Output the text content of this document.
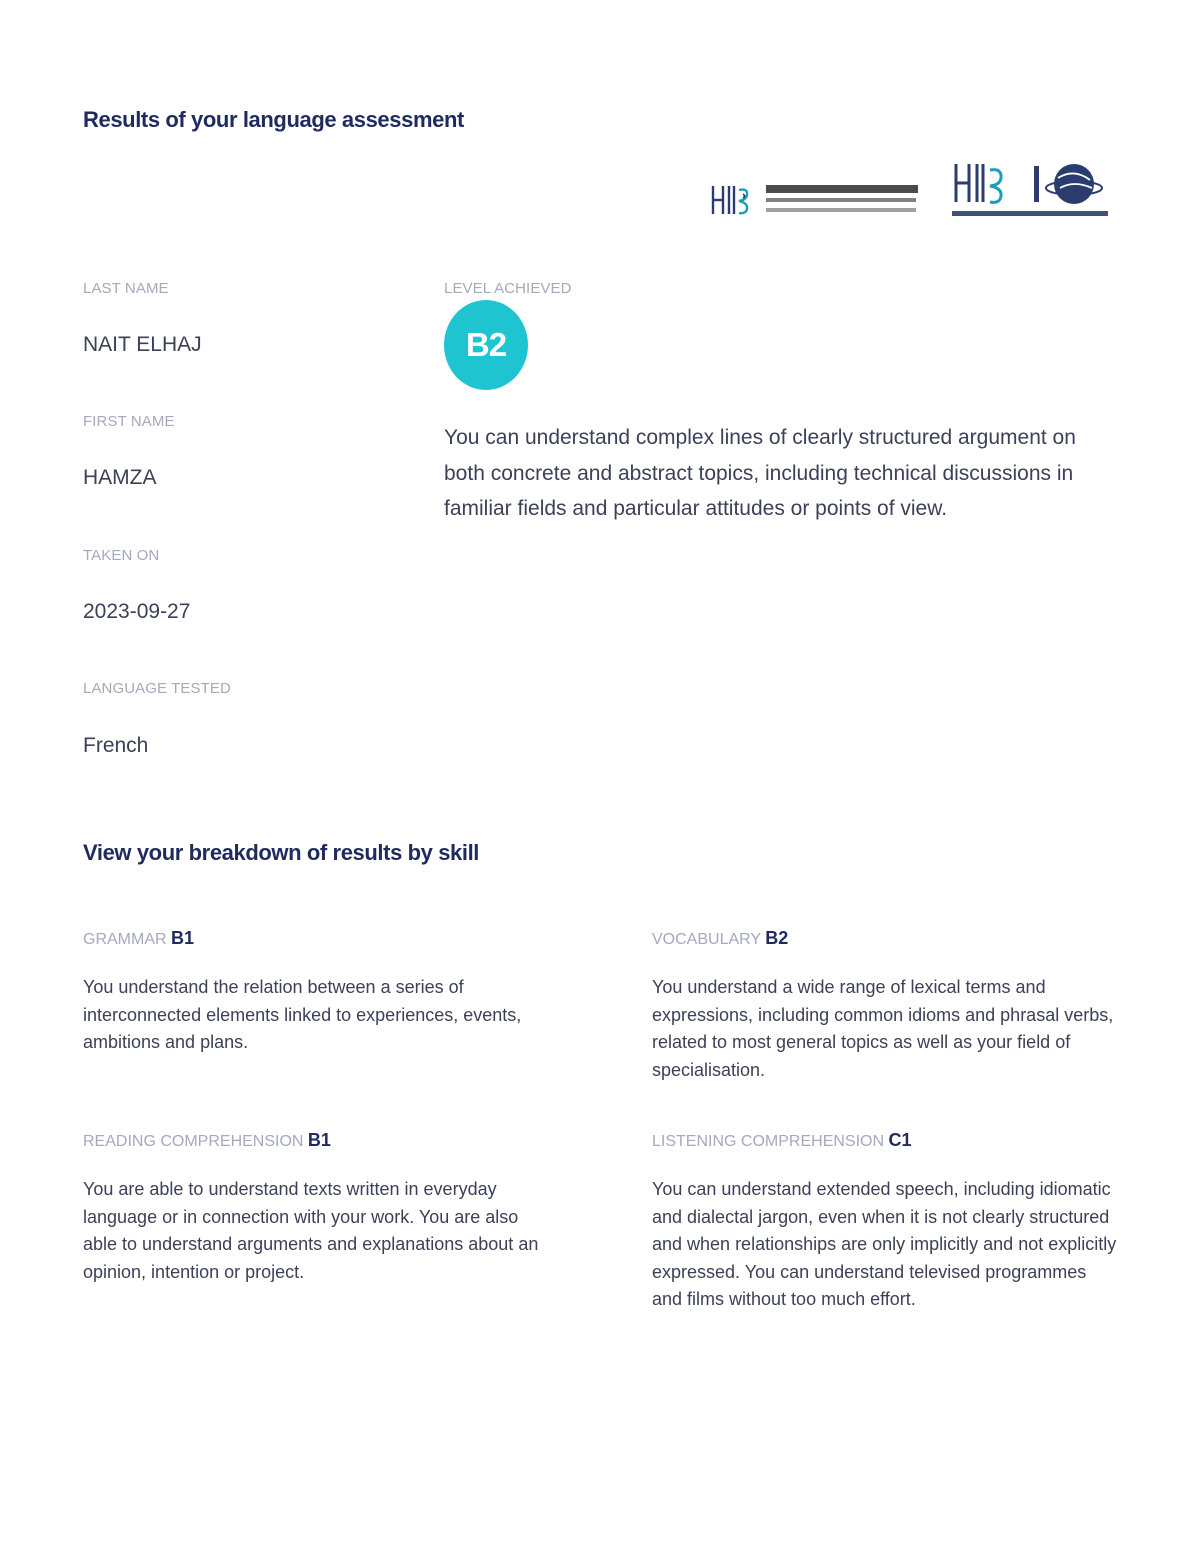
Results of your language assessment
LAST NAME
NAIT ELHAJ
FIRST NAME
HAMZA
TAKEN ON
2023-09-27
LANGUAGE TESTED
French
LEVEL ACHIEVED
B2
You can understand complex lines of clearly structured argument on both concrete and abstract topics, including technical discussions in familiar fields and particular attitudes or points of view.
View your breakdown of results by skill
GRAMMAR B1
You understand the relation between a series of interconnected elements linked to experiences, events, ambitions and plans.
VOCABULARY B2
You understand a wide range of lexical terms and expressions, including common idioms and phrasal verbs, related to most general topics as well as your field of specialisation.
READING COMPREHENSION B1
You are able to understand texts written in everyday language or in connection with your work. You are also able to understand arguments and explanations about an opinion, intention or project.
LISTENING COMPREHENSION C1
You can understand extended speech, including idiomatic and dialectal jargon, even when it is not clearly structured and when relationships are only implicitly and not explicitly expressed. You can understand televised programmes and films without too much effort.
